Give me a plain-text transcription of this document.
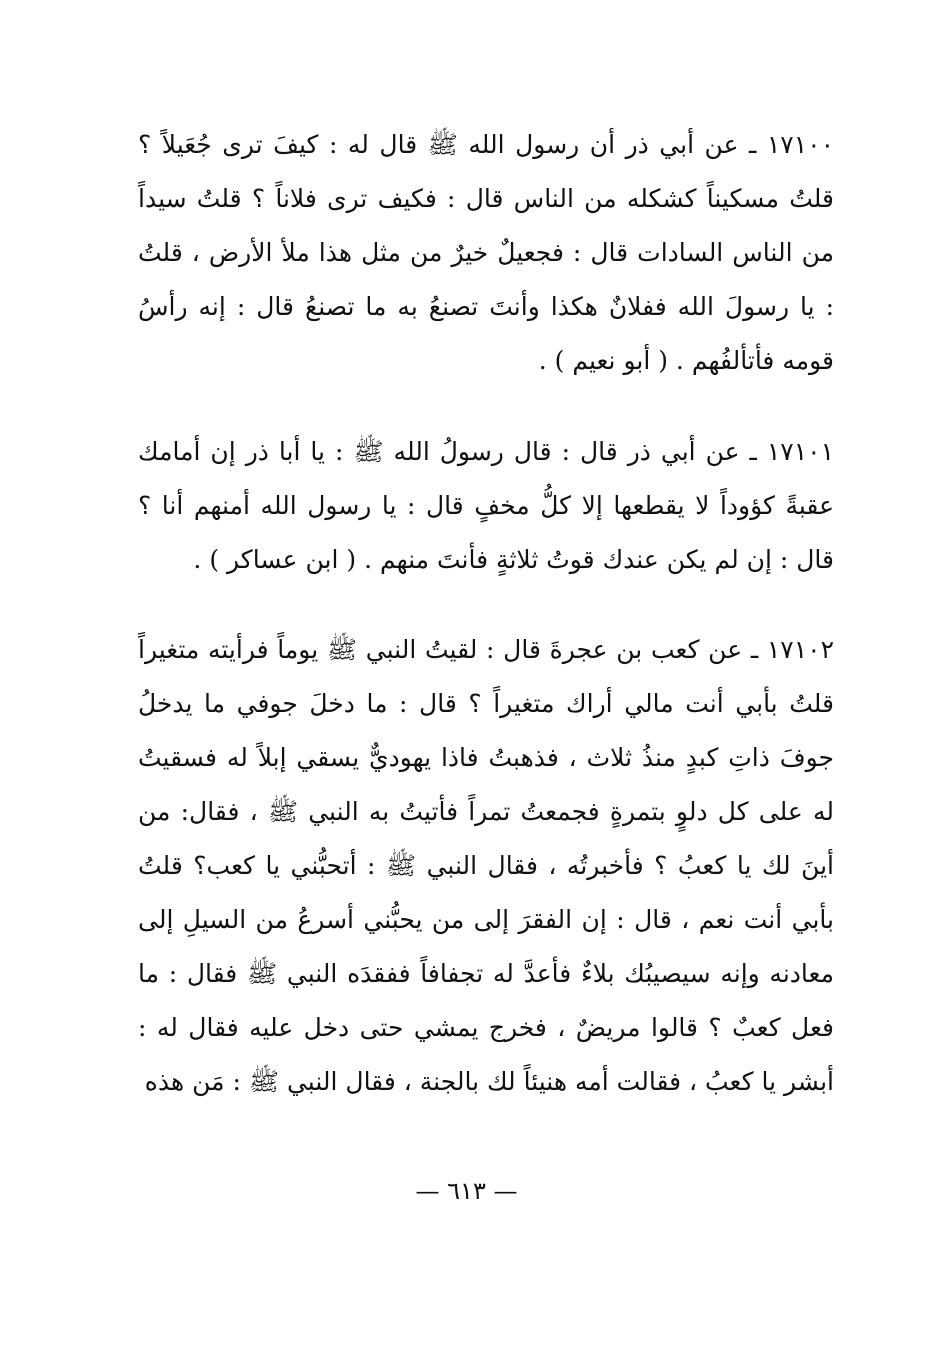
١٧١٠٠ ـ عن أبي ذر أن رسول الله ﷺ قال له : كيفَ ترى جُعَيلاً ؟ قلتُ مسكيناً كشكله من الناس قال : فكيف ترى فلاناً ؟ قلتُ سيداً من الناس السادات قال : فجعيلٌ خيرٌ من مثل هذا ملأ الأرض ، قلتُ : يا رسولَ الله ففلانٌ هكذا وأنتَ تصنعُ به ما تصنعُ قال : إنه رأسُ قومه فأتألفُهم . ( أبو نعيم ) .

١٧١٠١ ـ عن أبي ذر قال : قال رسولُ الله ﷺ : يا أبا ذر إن أمامك عقبةً كؤوداً لا يقطعها إلا كلُّ مخفٍ قال : يا رسول الله أمنهم أنا ؟ قال : إن لم يكن عندك قوتُ ثلاثةٍ فأنتَ منهم . ( ابن عساكر ) .

١٧١٠٢ ـ عن كعب بن عجرةَ قال : لقيتُ النبي ﷺ يوماً فرأيته متغيراً قلتُ بأبي أنت مالي أراك متغيراً ؟ قال : ما دخلَ جوفي ما يدخلُ جوفَ ذاتِ كبدٍ منذُ ثلاث ، فذهبتُ فاذا يهوديٌّ يسقي إبلاً له فسقيتُ له على كل دلوٍ بتمرةٍ فجمعتُ تمراً فأتيتُ به النبي ﷺ ، فقال: من أينَ لك يا كعبُ ؟ فأخبرتُه ، فقال النبي ﷺ : أتحبُّني يا كعب؟ قلتُ بأبي أنت نعم ، قال : إن الفقرَ إلى من يحبُّني أسرعُ من السيلِ إلى معادنه وإنه سيصيبُك بلاءٌ فأعدَّ له تجفافاً ففقدَه النبي ﷺ فقال : ما فعل كعبٌ ؟ قالوا مريضٌ ، فخرج يمشي حتى دخل عليه فقال له : أبشر يا كعبُ ، فقالت أمه هنيئاً لك بالجنة ، فقال النبي ﷺ : مَن هذه

— ٦١٣ —
